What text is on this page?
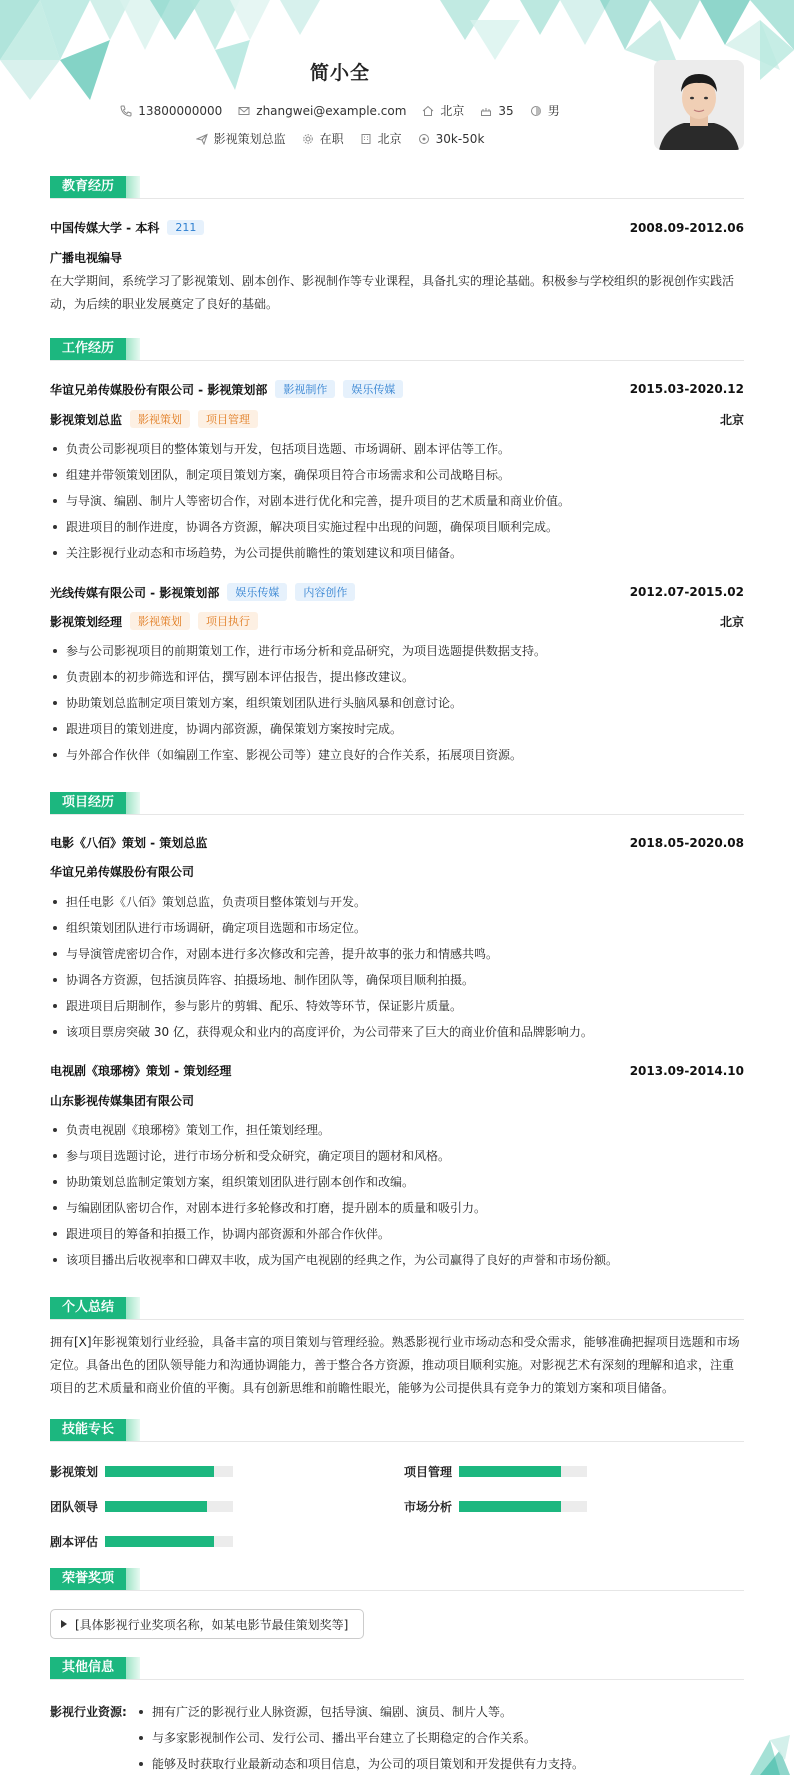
简小全
13800000000	zhangwei@example.com	北京	35	男
影视策划总监	在职	北京	30k-50k
教育经历
中国传媒大学 - 本科	211	2008.09-2012.06
广播电视编导
在大学期间，系统学习了影视策划、剧本创作、影视制作等专业课程，具备扎实的理论基础。积极参与学校组织的影视创作实践活动，为后续的职业发展奠定了良好的基础。
工作经历
华谊兄弟传媒股份有限公司 - 影视策划部	影视制作	娱乐传媒	2015.03-2020.12
影视策划总监	影视策划	项目管理	北京
负责公司影视项目的整体策划与开发，包括项目选题、市场调研、剧本评估等工作。
组建并带领策划团队，制定项目策划方案，确保项目符合市场需求和公司战略目标。
与导演、编剧、制片人等密切合作，对剧本进行优化和完善，提升项目的艺术质量和商业价值。
跟进项目的制作进度，协调各方资源，解决项目实施过程中出现的问题，确保项目顺利完成。
关注影视行业动态和市场趋势，为公司提供前瞻性的策划建议和项目储备。
光线传媒有限公司 - 影视策划部	娱乐传媒	内容创作	2012.07-2015.02
影视策划经理	影视策划	项目执行	北京
参与公司影视项目的前期策划工作，进行市场分析和竞品研究，为项目选题提供数据支持。
负责剧本的初步筛选和评估，撰写剧本评估报告，提出修改建议。
协助策划总监制定项目策划方案，组织策划团队进行头脑风暴和创意讨论。
跟进项目的策划进度，协调内部资源，确保策划方案按时完成。
与外部合作伙伴（如编剧工作室、影视公司等）建立良好的合作关系，拓展项目资源。
项目经历
电影《八佰》策划 - 策划总监	2018.05-2020.08
华谊兄弟传媒股份有限公司
担任电影《八佰》策划总监，负责项目整体策划与开发。
组织策划团队进行市场调研，确定项目选题和市场定位。
与导演管虎密切合作，对剧本进行多次修改和完善，提升故事的张力和情感共鸣。
协调各方资源，包括演员阵容、拍摄场地、制作团队等，确保项目顺利拍摄。
跟进项目后期制作，参与影片的剪辑、配乐、特效等环节，保证影片质量。
该项目票房突破 30 亿，获得观众和业内的高度评价，为公司带来了巨大的商业价值和品牌影响力。
电视剧《琅琊榜》策划 - 策划经理	2013.09-2014.10
山东影视传媒集团有限公司
负责电视剧《琅琊榜》策划工作，担任策划经理。
参与项目选题讨论，进行市场分析和受众研究，确定项目的题材和风格。
协助策划总监制定策划方案，组织策划团队进行剧本创作和改编。
与编剧团队密切合作，对剧本进行多轮修改和打磨，提升剧本的质量和吸引力。
跟进项目的筹备和拍摄工作，协调内部资源和外部合作伙伴。
该项目播出后收视率和口碑双丰收，成为国产电视剧的经典之作，为公司赢得了良好的声誉和市场份额。
个人总结
拥有[X]年影视策划行业经验，具备丰富的项目策划与管理经验。熟悉影视行业市场动态和受众需求，能够准确把握项目选题和市场定位。具备出色的团队领导能力和沟通协调能力，善于整合各方资源，推动项目顺利实施。对影视艺术有深刻的理解和追求，注重项目的艺术质量和商业价值的平衡。具有创新思维和前瞻性眼光，能够为公司提供具有竞争力的策划方案和项目储备。
技能专长
影视策划	项目管理
团队领导	市场分析
剧本评估
荣誉奖项
[具体影视行业奖项名称，如某电影节最佳策划奖等]
其他信息
影视行业资源:	拥有广泛的影视行业人脉资源，包括导演、编剧、演员、制片人等。
与多家影视制作公司、发行公司、播出平台建立了长期稳定的合作关系。
能够及时获取行业最新动态和项目信息，为公司的项目策划和开发提供有力支持。
